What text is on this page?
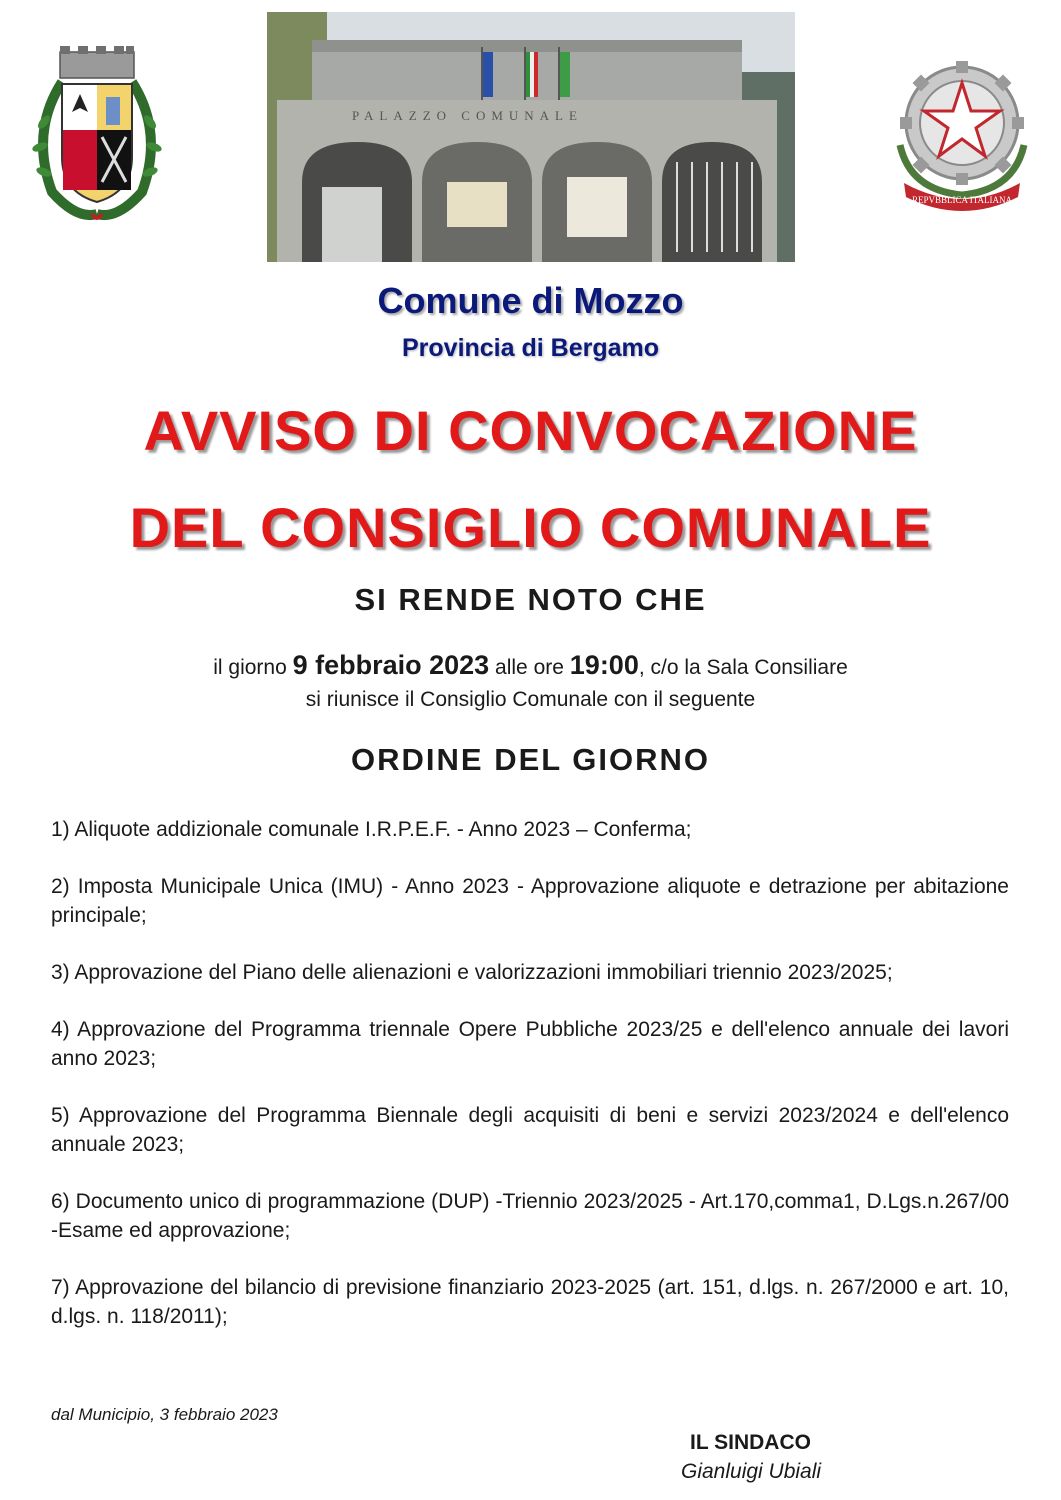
PALAZZO COMUNALE
REPVBBLICA ITALIANA
Comune di Mozzo
Provincia di Bergamo
AVVISO DI CONVOCAZIONE
DEL CONSIGLIO COMUNALE
SI RENDE NOTO CHE
il giorno 9 febbraio 2023 alle ore 19:00, c/o la Sala Consiliare
si riunisce il Consiglio Comunale con il seguente
ORDINE DEL GIORNO
1) Aliquote addizionale comunale I.R.P.E.F. - Anno 2023 – Conferma;
2) Imposta Municipale Unica (IMU) - Anno 2023 - Approvazione aliquote e detrazione per abitazione principale;
3) Approvazione del Piano delle alienazioni e valorizzazioni immobiliari triennio 2023/2025;
4) Approvazione del Programma triennale Opere Pubbliche 2023/25 e dell'elenco annuale dei lavori anno 2023;
5) Approvazione del Programma Biennale degli acquisiti di beni e servizi 2023/2024 e dell'elenco annuale 2023;
6) Documento unico di programmazione (DUP) -Triennio 2023/2025 - Art.170,comma1, D.Lgs.n.267/00 -Esame ed approvazione;
7) Approvazione del bilancio di previsione finanziario 2023-2025 (art. 151, d.lgs. n. 267/2000 e art. 10, d.lgs. n. 118/2011);
dal Municipio, 3 febbraio 2023
IL SINDACO
Gianluigi Ubiali
